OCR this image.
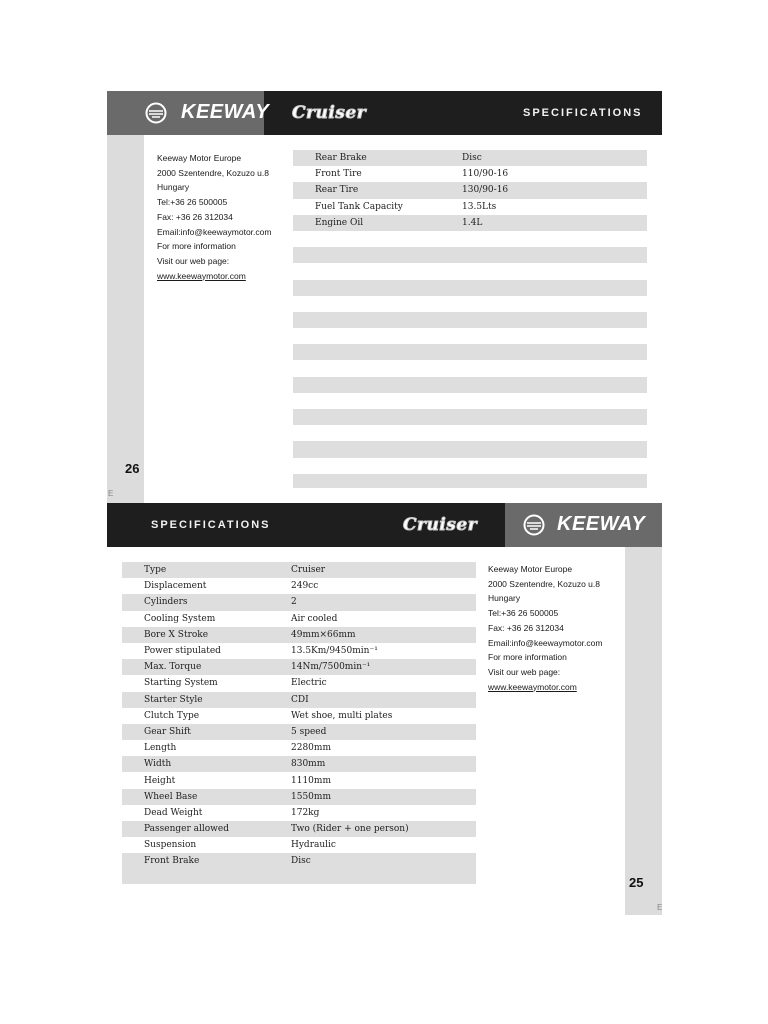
KEEWAY Cruiser	SPECIFICATIONS
26
E
Keeway Motor Europe
2000 Szentendre, Kozuzo u.8
Hungary
Tel:+36 26 500005
Fax: +36 26 312034
Email:info@keewaymotor.com
For more information
Visit our web page:
www.keewaymotor.com
Rear Brake	Disc
Front Tire	110/90-16
Rear Tire	130/90-16
Fuel Tank Capacity	13.5Lts
Engine Oil	1.4L
SPECIFICATIONS	Cruiser	KEEWAY
25
E
Type	Cruiser
Displacement	249cc
Cylinders	2
Cooling System	Air cooled
Bore X Stroke	49mm×66mm
Power stipulated	13.5Km/9450min⁻¹
Max. Torque	14Nm/7500min⁻¹
Starting System	Electric
Starter Style	CDI
Clutch Type	Wet shoe, multi plates
Gear Shift	5 speed
Length	2280mm
Width	830mm
Height	1110mm
Wheel Base	1550mm
Dead Weight	172kg
Passenger allowed	Two (Rider + one person)
Suspension	Hydraulic
Front Brake	Disc
Keeway Motor Europe
2000 Szentendre, Kozuzo u.8
Hungary
Tel:+36 26 500005
Fax: +36 26 312034
Email:info@keewaymotor.com
For more information
Visit our web page:
www.keewaymotor.com
